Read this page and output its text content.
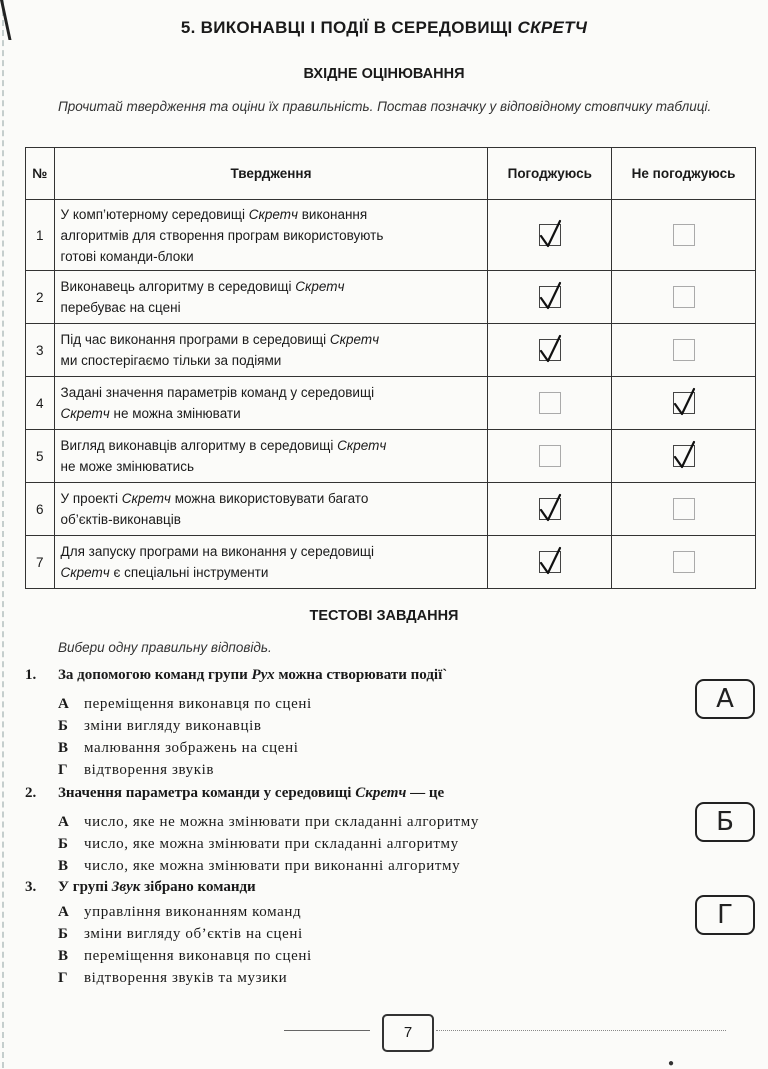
5. ВИКОНАВЦІ І ПОДІЇ В СЕРЕДОВИЩІ СКРЕТЧ
ВХІДНЕ ОЦІНЮВАННЯ
Прочитай твердження та оціни їх правильність. Постав позначку у відповідному стовпчику таблиці.
№	Твердження	Погоджуюсь	Не погоджуюсь
1	У комп’ютерному середовищі Скретч виконання
алгоритмів для створення програм використовують
готові команди-блоки

2	Виконавець алгоритму в середовищі Скретч
перебуває на сцені

3	Під час виконання програми в середовищі Скретч
ми спостерігаємо тільки за подіями

4	Задані значення параметрів команд у середовищі
Скретч не можна змінювати

5	Вигляд виконавців алгоритму в середовищі Скретч
не може змінюватись

6	У проекті Скретч можна використовувати багато
об’єктів-виконавців

7	Для запуску програми на виконання у середовищі
Скретч є спеціальні інструменти

ТЕСТОВІ ЗАВДАННЯ
Вибери одну правильну відповідь.
1. За допомогою команд групи Рух можна створювати події`
А переміщення виконавця по сцені
Б зміни вигляду виконавців
В малювання зображень на сцені
Г відтворення звуків
2. Значення параметра команди у середовищі Скретч — це
А число, яке не можна змінювати при складанні алгоритму
Б число, яке можна змінювати при складанні алгоритму
В число, яке можна змінювати при виконанні алгоритму
3. У групі Звук зібрано команди
А управління виконанням команд
Б зміни вигляду об’єктів на сцені
В переміщення виконавця по сцені
Г відтворення звуків та музики
А
Б
Г
7
●
